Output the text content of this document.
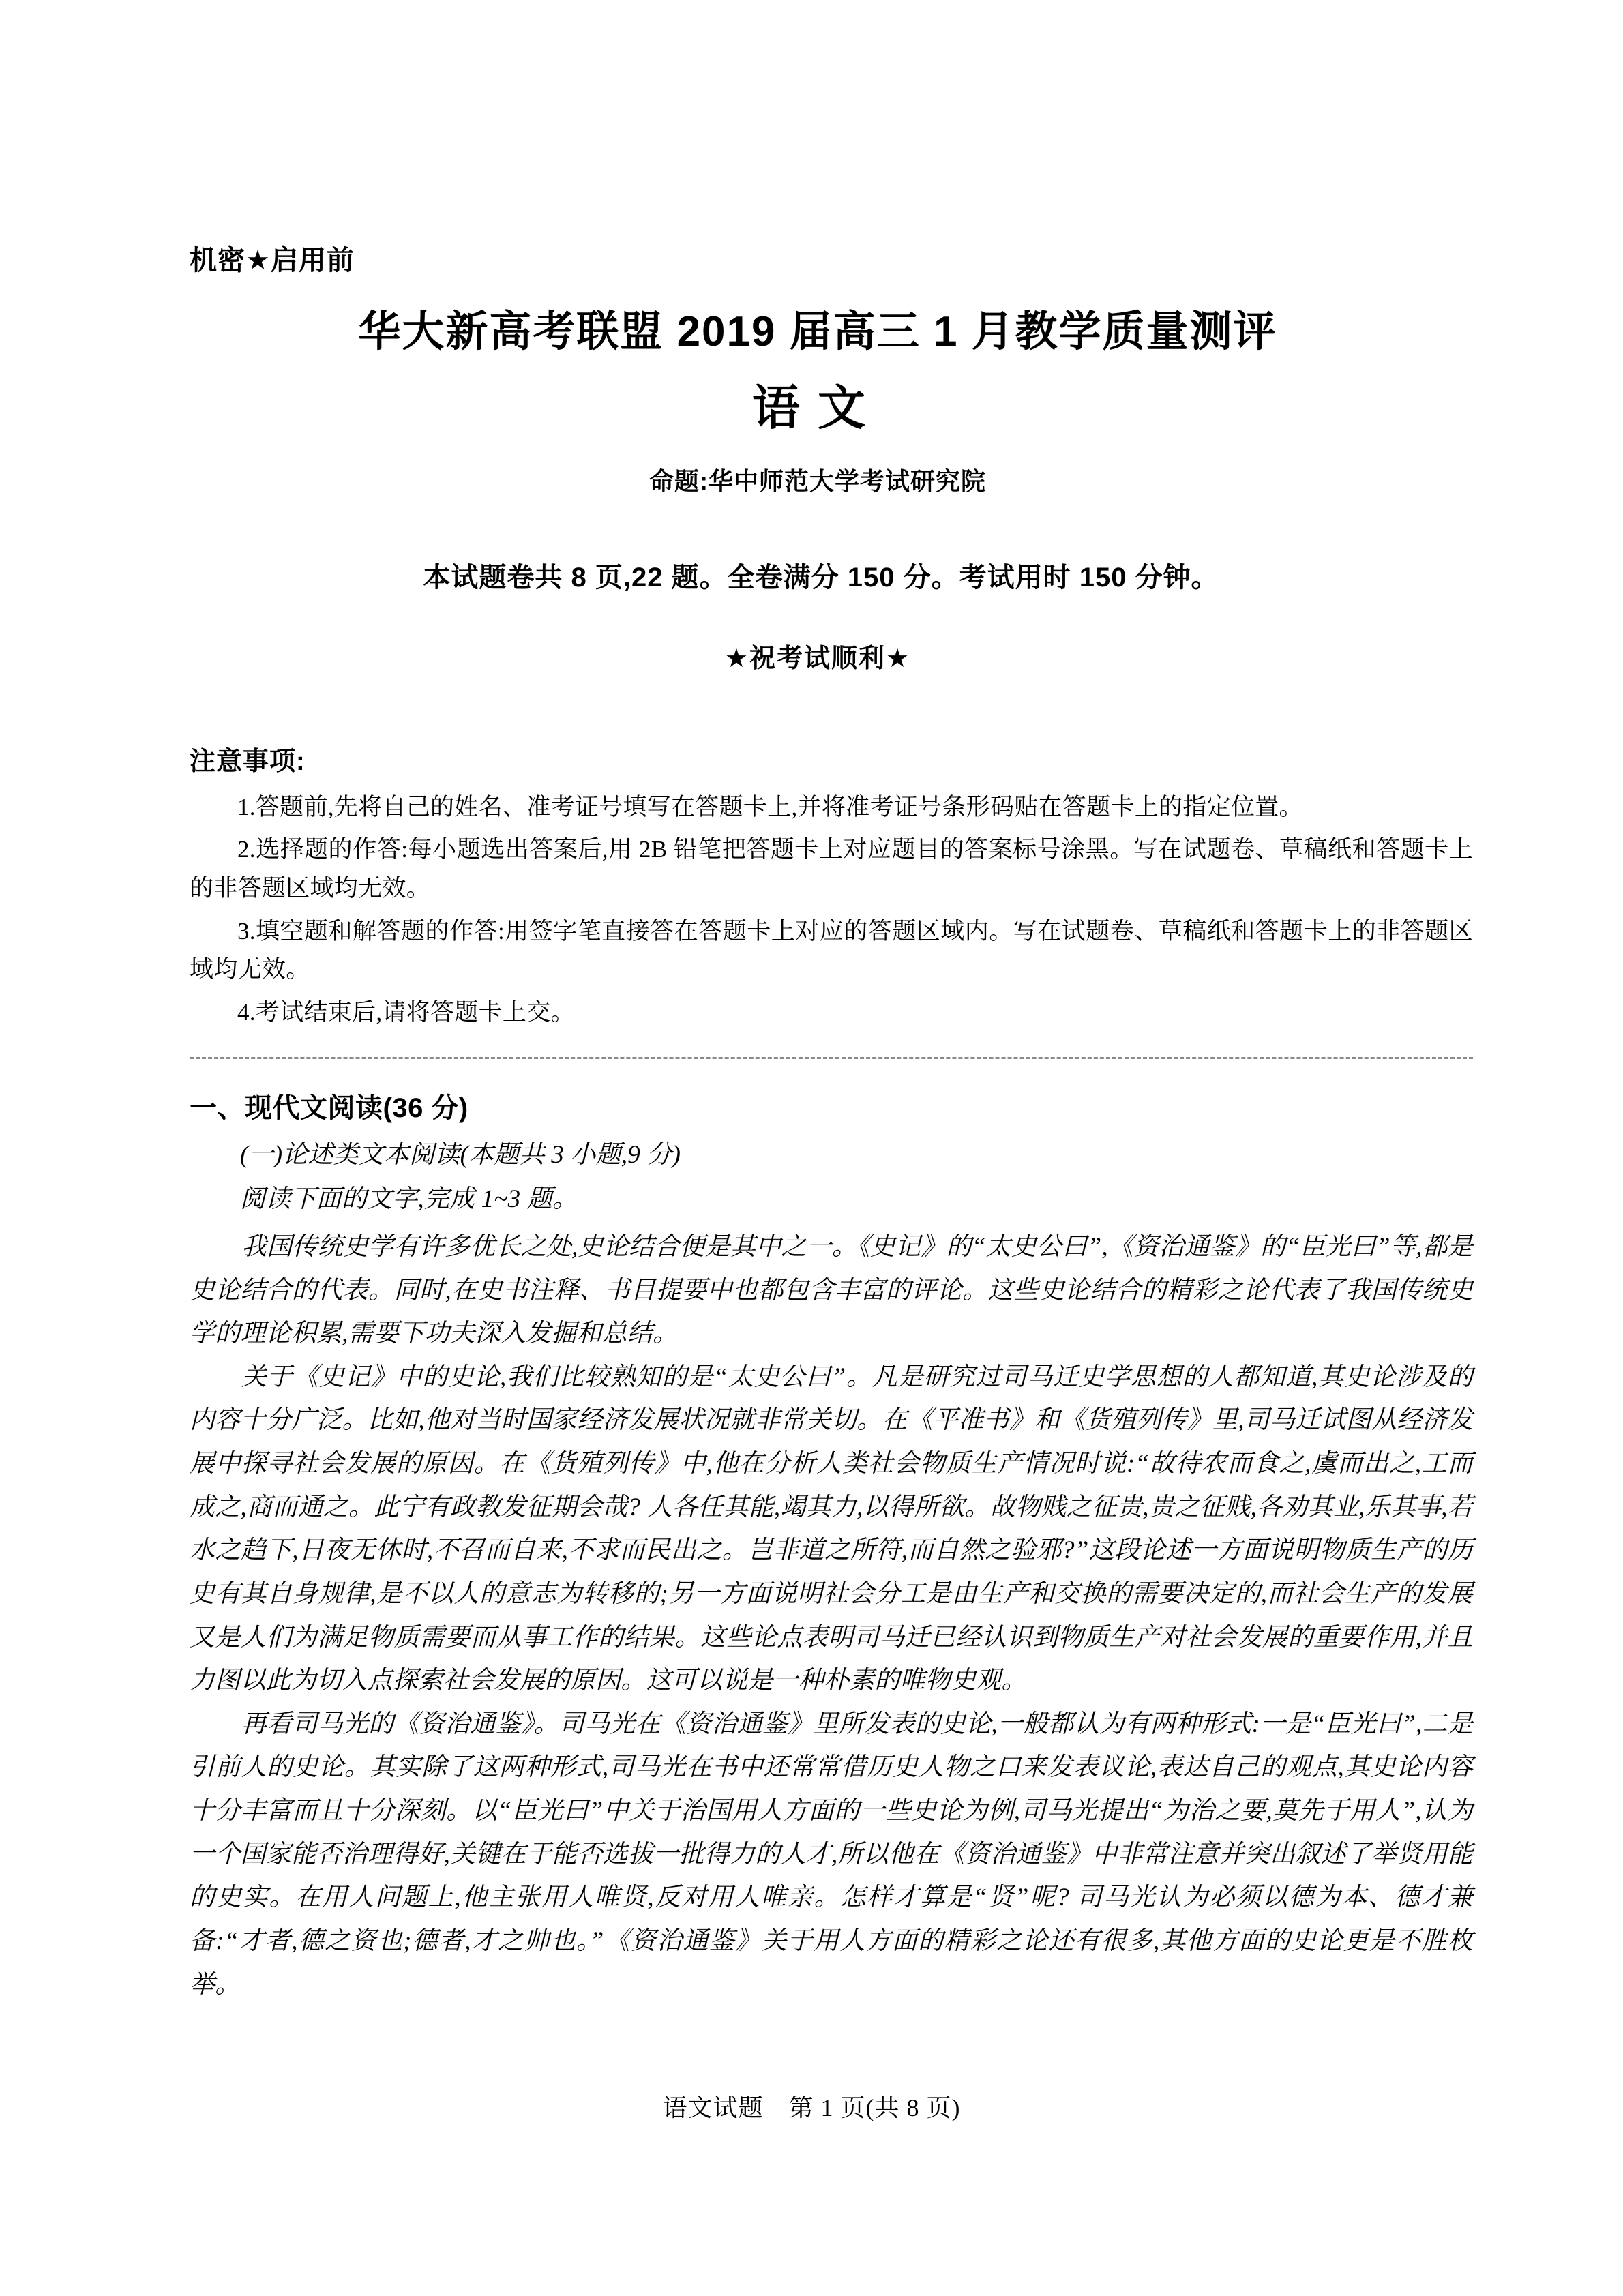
机密★启用前
华大新高考联盟 2019 届高三 1 月教学质量测评
语文
命题:华中师范大学考试研究院
本试题卷共 8 页,22 题。全卷满分 150 分。考试用时 150 分钟。
★祝考试顺利★
注意事项:
1.答题前,先将自己的姓名、准考证号填写在答题卡上,并将准考证号条形码贴在答题卡上的指定位置。
2.选择题的作答:每小题选出答案后,用 2B 铅笔把答题卡上对应题目的答案标号涂黑。写在试题卷、草稿纸和答题卡上的非答题区域均无效。
3.填空题和解答题的作答:用签字笔直接答在答题卡上对应的答题区域内。写在试题卷、草稿纸和答题卡上的非答题区域均无效。
4.考试结束后,请将答题卡上交。
一、现代文阅读(36 分)
(一)论述类文本阅读(本题共 3 小题,9 分)
阅读下面的文字,完成 1~3 题。
我国传统史学有许多优长之处,史论结合便是其中之一。《史记》的“太史公曰”,《资治通鉴》的“臣光曰”等,都是史论结合的代表。同时,在史书注释、书目提要中也都包含丰富的评论。这些史论结合的精彩之论代表了我国传统史学的理论积累,需要下功夫深入发掘和总结。
关于《史记》中的史论,我们比较熟知的是“太史公曰”。凡是研究过司马迁史学思想的人都知道,其史论涉及的内容十分广泛。比如,他对当时国家经济发展状况就非常关切。在《平准书》和《货殖列传》里,司马迁试图从经济发展中探寻社会发展的原因。在《货殖列传》中,他在分析人类社会物质生产情况时说:“故待农而食之,虞而出之,工而成之,商而通之。此宁有政教发征期会哉? 人各任其能,竭其力,以得所欲。故物贱之征贵,贵之征贱,各劝其业,乐其事,若水之趋下,日夜无休时,不召而自来,不求而民出之。岂非道之所符,而自然之验邪?”这段论述一方面说明物质生产的历史有其自身规律,是不以人的意志为转移的;另一方面说明社会分工是由生产和交换的需要决定的,而社会生产的发展又是人们为满足物质需要而从事工作的结果。这些论点表明司马迁已经认识到物质生产对社会发展的重要作用,并且力图以此为切入点探索社会发展的原因。这可以说是一种朴素的唯物史观。
再看司马光的《资治通鉴》。司马光在《资治通鉴》里所发表的史论,一般都认为有两种形式:一是“臣光曰”,二是引前人的史论。其实除了这两种形式,司马光在书中还常常借历史人物之口来发表议论,表达自己的观点,其史论内容十分丰富而且十分深刻。以“臣光曰”中关于治国用人方面的一些史论为例,司马光提出“为治之要,莫先于用人”,认为一个国家能否治理得好,关键在于能否选拔一批得力的人才,所以他在《资治通鉴》中非常注意并突出叙述了举贤用能的史实。在用人问题上,他主张用人唯贤,反对用人唯亲。怎样才算是“贤”呢? 司马光认为必须以德为本、德才兼备:“才者,德之资也;德者,才之帅也。”《资治通鉴》关于用人方面的精彩之论还有很多,其他方面的史论更是不胜枚举。
语文试题　第 1 页(共 8 页)
